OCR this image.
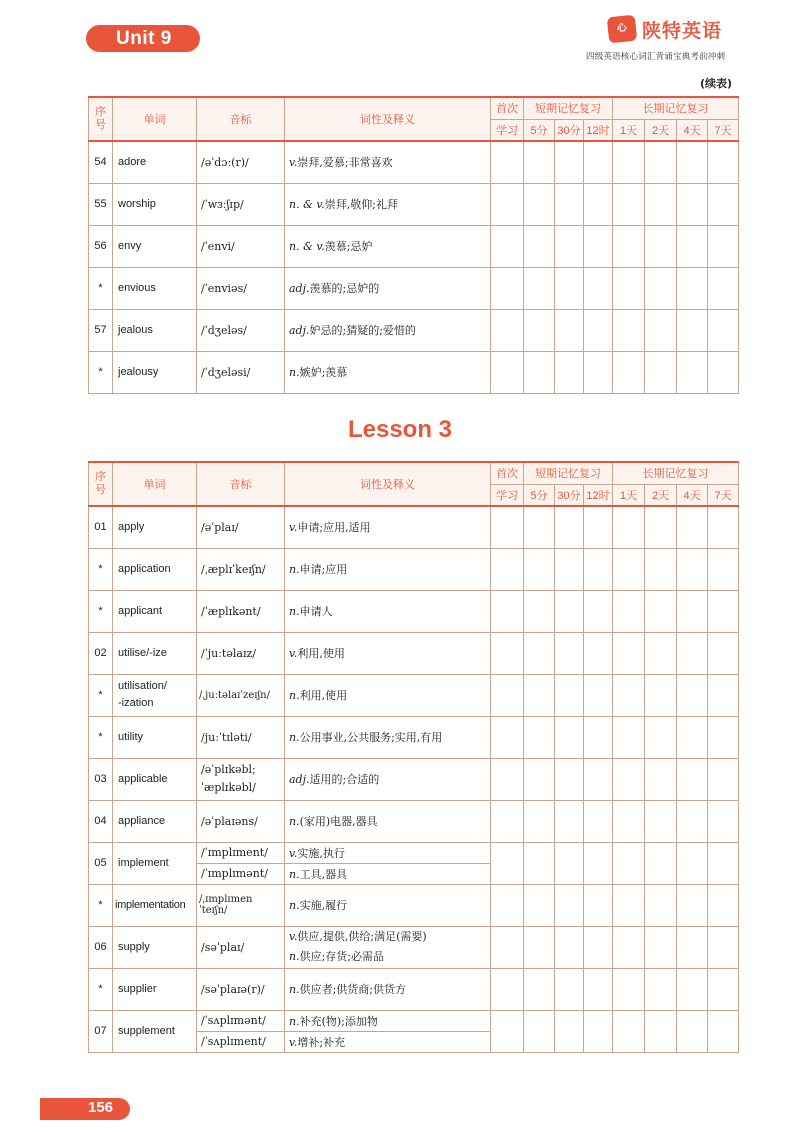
Unit 9	心 陕特英语
四级英语核心词汇背诵宝典考前冲刺
(续表)
序
号	单词	音标	词性及释义	首次	短期记忆复习			长期记忆复习			
				学习	5分	30分	12时	1天	2天	4天	7天
54	adore	/əˈdɔː(r)/	v.崇拜,爱慕;非常喜欢								
55	worship	/ˈwɜːʃɪp/	n. & v.崇拜,敬仰;礼拜								
56	envy	/ˈenvi/	n. & v.羡慕;忌妒								
*	envious	/ˈenviəs/	adj.羡慕的;忌妒的								
57	jealous	/ˈdʒeləs/	adj.妒忌的;猜疑的;爱惜的								
*	jealousy	/ˈdʒeləsi/	n.嫉妒;羡慕								
Lesson 3
序
号	单词	音标	词性及释义	首次	短期记忆复习			长期记忆复习			
				学习	5分	30分	12时	1天	2天	4天	7天
01	apply	/əˈplaɪ/	v.申请;应用,适用								
*	application	/ˌæplɪˈkeɪʃn/	n.申请;应用								
*	applicant	/ˈæplɪkənt/	n.申请人								
02	utilise/-ize	/ˈjuːtəlaɪz/	v.利用,使用								
*	utilisation/
-ization	/ˌjuːtəlaɪˈzeɪʃn/	n.利用,使用								
*	utility	/juːˈtɪləti/	n.公用事业,公共服务;实用,有用								
03	applicable	/əˈplɪkəbl;
ˈæplɪkəbl/	adj.适用的;合适的								
04	appliance	/əˈplaɪəns/	n.(家用)电器,器具								
05	implement	/ˈɪmplɪment/	v.实施,执行								
		/ˈɪmplɪmənt/	n.工具,器具								
*	implementation	/ˌɪmplɪmenˈteɪʃn/	n.实施,履行								
06	supply	/səˈplaɪ/	v.供应,提供,供给;满足(需要)
n.供应;存货;必需品								

*	supplier	/səˈplaɪə(r)/	n.供应者;供货商;供货方								
07	supplement	/ˈsʌplɪmənt/	n.补充(物);添加物								
		/ˈsʌplɪment/	v.增补;补充								
156
